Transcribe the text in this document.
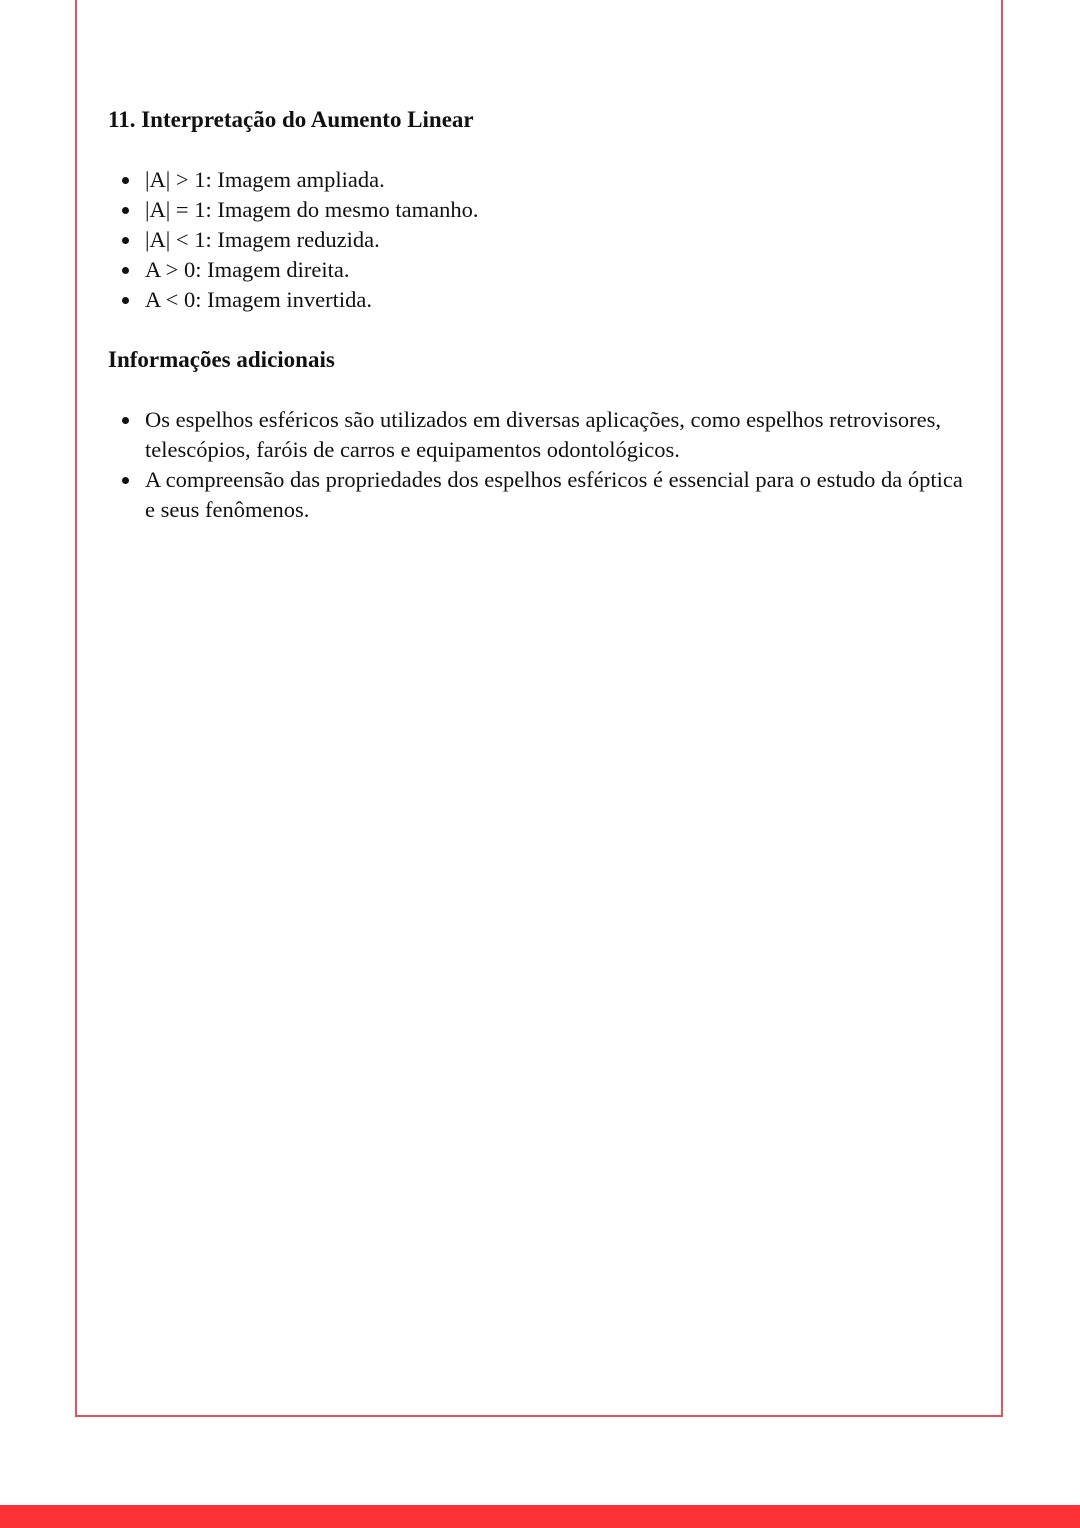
11. Interpretação do Aumento Linear
|A| > 1: Imagem ampliada.
|A| = 1: Imagem do mesmo tamanho.
|A| < 1: Imagem reduzida.
A > 0: Imagem direita.
A < 0: Imagem invertida.
Informações adicionais
Os espelhos esféricos são utilizados em diversas aplicações, como espelhos retrovisores, telescópios, faróis de carros e equipamentos odontológicos.
A compreensão das propriedades dos espelhos esféricos é essencial para o estudo da óptica e seus fenômenos.
